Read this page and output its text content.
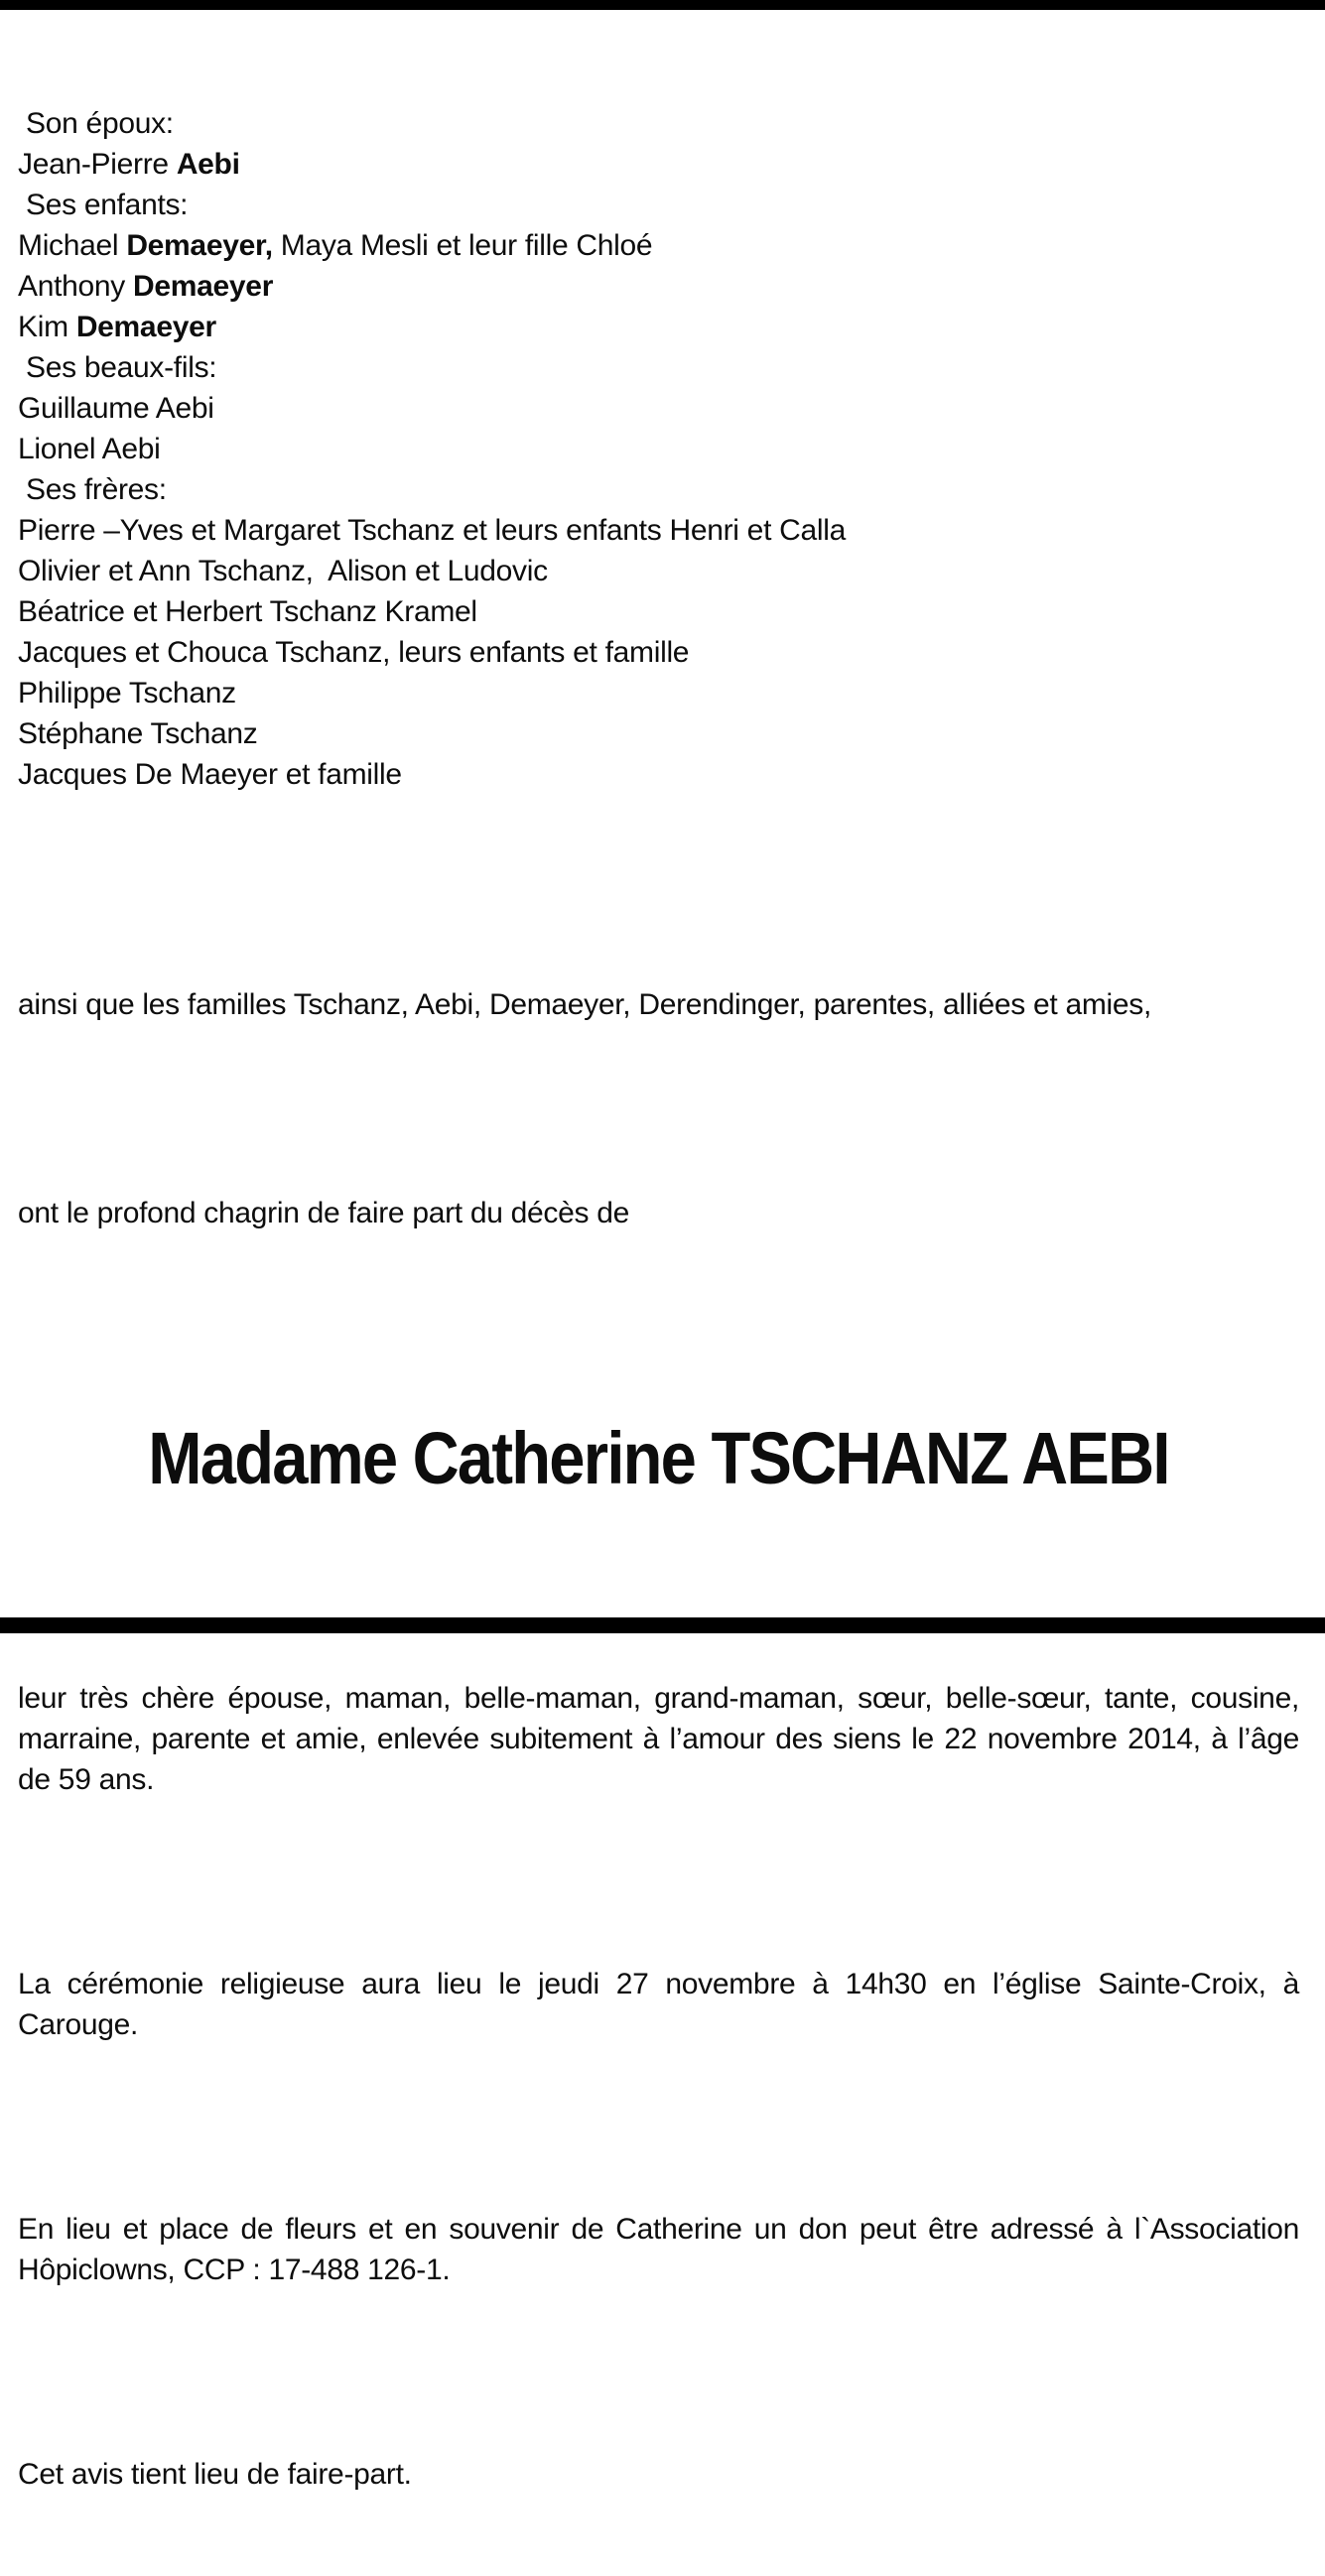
Son époux:
Jean-Pierre Aebi
Ses enfants:
Michael Demaeyer, Maya Mesli et leur fille Chloé
Anthony Demaeyer
Kim Demaeyer
Ses beaux-fils:
Guillaume Aebi
Lionel Aebi
Ses frères:
Pierre –Yves et Margaret Tschanz et leurs enfants Henri et Calla
Olivier et Ann Tschanz,  Alison et Ludovic
Béatrice et Herbert Tschanz Kramel
Jacques et Chouca Tschanz, leurs enfants et famille
Philippe Tschanz
Stéphane Tschanz
Jacques De Maeyer et famille

ainsi que les familles Tschanz, Aebi, Demaeyer, Derendinger, parentes, alliées et amies,

ont le profond chagrin de faire part du décès de

Madame Catherine TSCHANZ AEBI

leur très chère épouse, maman, belle-maman, grand-maman, sœur, belle-sœur, tante, cousine, marraine, parente et amie, enlevée subitement à l’amour des siens le 22 novembre 2014, à l’âge de 59 ans.

La cérémonie religieuse aura lieu le jeudi 27 novembre à 14h30 en l’église Sainte-Croix, à Carouge.

En lieu et place de fleurs et en souvenir de Catherine un don peut être adressé à l`Association  Hôpiclowns, CCP : 17-488 126-1.

Cet avis tient lieu de faire-part.
